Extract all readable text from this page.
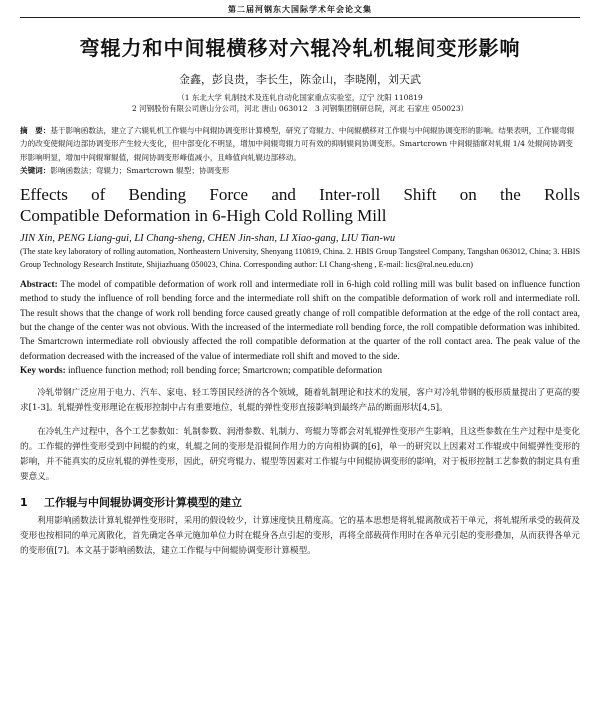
第二届河钢东大国际学术年会论文集
弯辊力和中间辊横移对六辊冷轧机辊间变形影响
金鑫，彭良贵，李长生，陈金山，李晓刚，刘天武
（1 东北大学 轧制技术及连轧自动化国家重点实验室，辽宁 沈阳 110819
2 河钢股份有限公司唐山分公司，河北 唐山 063012　3 河钢集团钢研总院，河北 石家庄 050023）
摘　要：基于影响函数法，建立了六辊轧机工作辊与中间辊协调变形计算模型，研究了弯辊力、中间辊横移对工作辊与中间辊协调变形的影响。结果表明，工作辊弯辊力的改变使辊间边部协调变形产生较大变化，但中部变化不明显，增加中间辊弯辊力可有效的抑制辊间协调变形。Smartcrown 中间辊插窜对轧辊 1/4 处辊间协调变形影响明显，增加中间辊窜辊值，辊间协调变形峰值减小，且峰值向轧辊边部移动。
关键词：影响函数法；弯辊力；Smartcrown 辊型；协调变形
Effects of Bending Force and Inter-roll Shift on the Rolls
Compatible Deformation in 6-High Cold Rolling Mill
JIN Xin, PENG Liang-gui, LI Chang-sheng, CHEN Jin-shan, LI Xiao-gang, LIU Tian-wu
(The state key laboratory of rolling automation, Northeastern University, Shenyang 110819, China. 2. HBIS Group Tangsteel Company, Tangshan 063012, China; 3. HBIS Group Technology Research Institute, Shijiazhuang 050023, China. Corresponding author: LI Chang-sheng , E-mail: lics@ral.neu.edu.cn)
Abstract: The model of compatible deformation of work roll and intermediate roll in 6-high cold rolling mill was bulit based on influence function method to study the influence of roll bending force and the intermediate roll shift on the compatible deformation of work roll and intermediate roll. The result shows that the change of work roll bending force caused greatly change of roll compatible deformation at the edge of the roll contact area, but the change of the center was not obvious. With the increased of the intermediate roll bending force, the roll compatible deformation was inhibited. The Smartcrown intermediate roll obviously affected the roll compatible deformation at the quarter of the roll contact area. The peak value of the deformation decreased with the increased of the value of intermediate roll shift and moved to the side.
Key words: influence function method; roll bending force; Smartcrown; compatible deformation

冷轧带钢广泛应用于电力、汽车、家电、轻工等国民经济的各个领域，随着轧制理论和技术的发展，客户对冷轧带钢的板形质量提出了更高的要求[1-3]。轧辊弹性变形理论在板形控制中占有重要地位，轧辊的弹性变形直接影响到最终产品的断面形状[4,5]。

在冷轧生产过程中，各个工艺参数如：轧制参数、润滑参数、轧制力、弯辊力等都会对轧辊弹性变形产生影响，且这些参数在生产过程中是变化的。工作辊的弹性变形受到中间辊的约束，轧辊之间的变形是沿辊间作用力的方向相协调的[6]，单一的研究以上因素对工作辊或中间辊弹性变形的影响，并不能真实的反应轧辊的弹性变形，因此，研究弯辊力、辊型等因素对工作辊与中间辊协调变形的影响，对于板形控制工艺参数的制定具有重要意义。

1 工作辊与中间辊协调变形计算模型的建立

利用影响函数法计算轧辊弹性变形时，采用的假设较少，计算速度快且精度高。它的基本思想是将轧辊离散成若干单元，将轧辊所承受的载荷及变形也按相同的单元离散化，首先确定各单元施加单位力时在辊身各点引起的变形，再将全部载荷作用时在各单元引起的变形叠加，从而获得各单元的变形值[7]。本文基于影响函数法，建立工作辊与中间辊协调变形计算模型。
